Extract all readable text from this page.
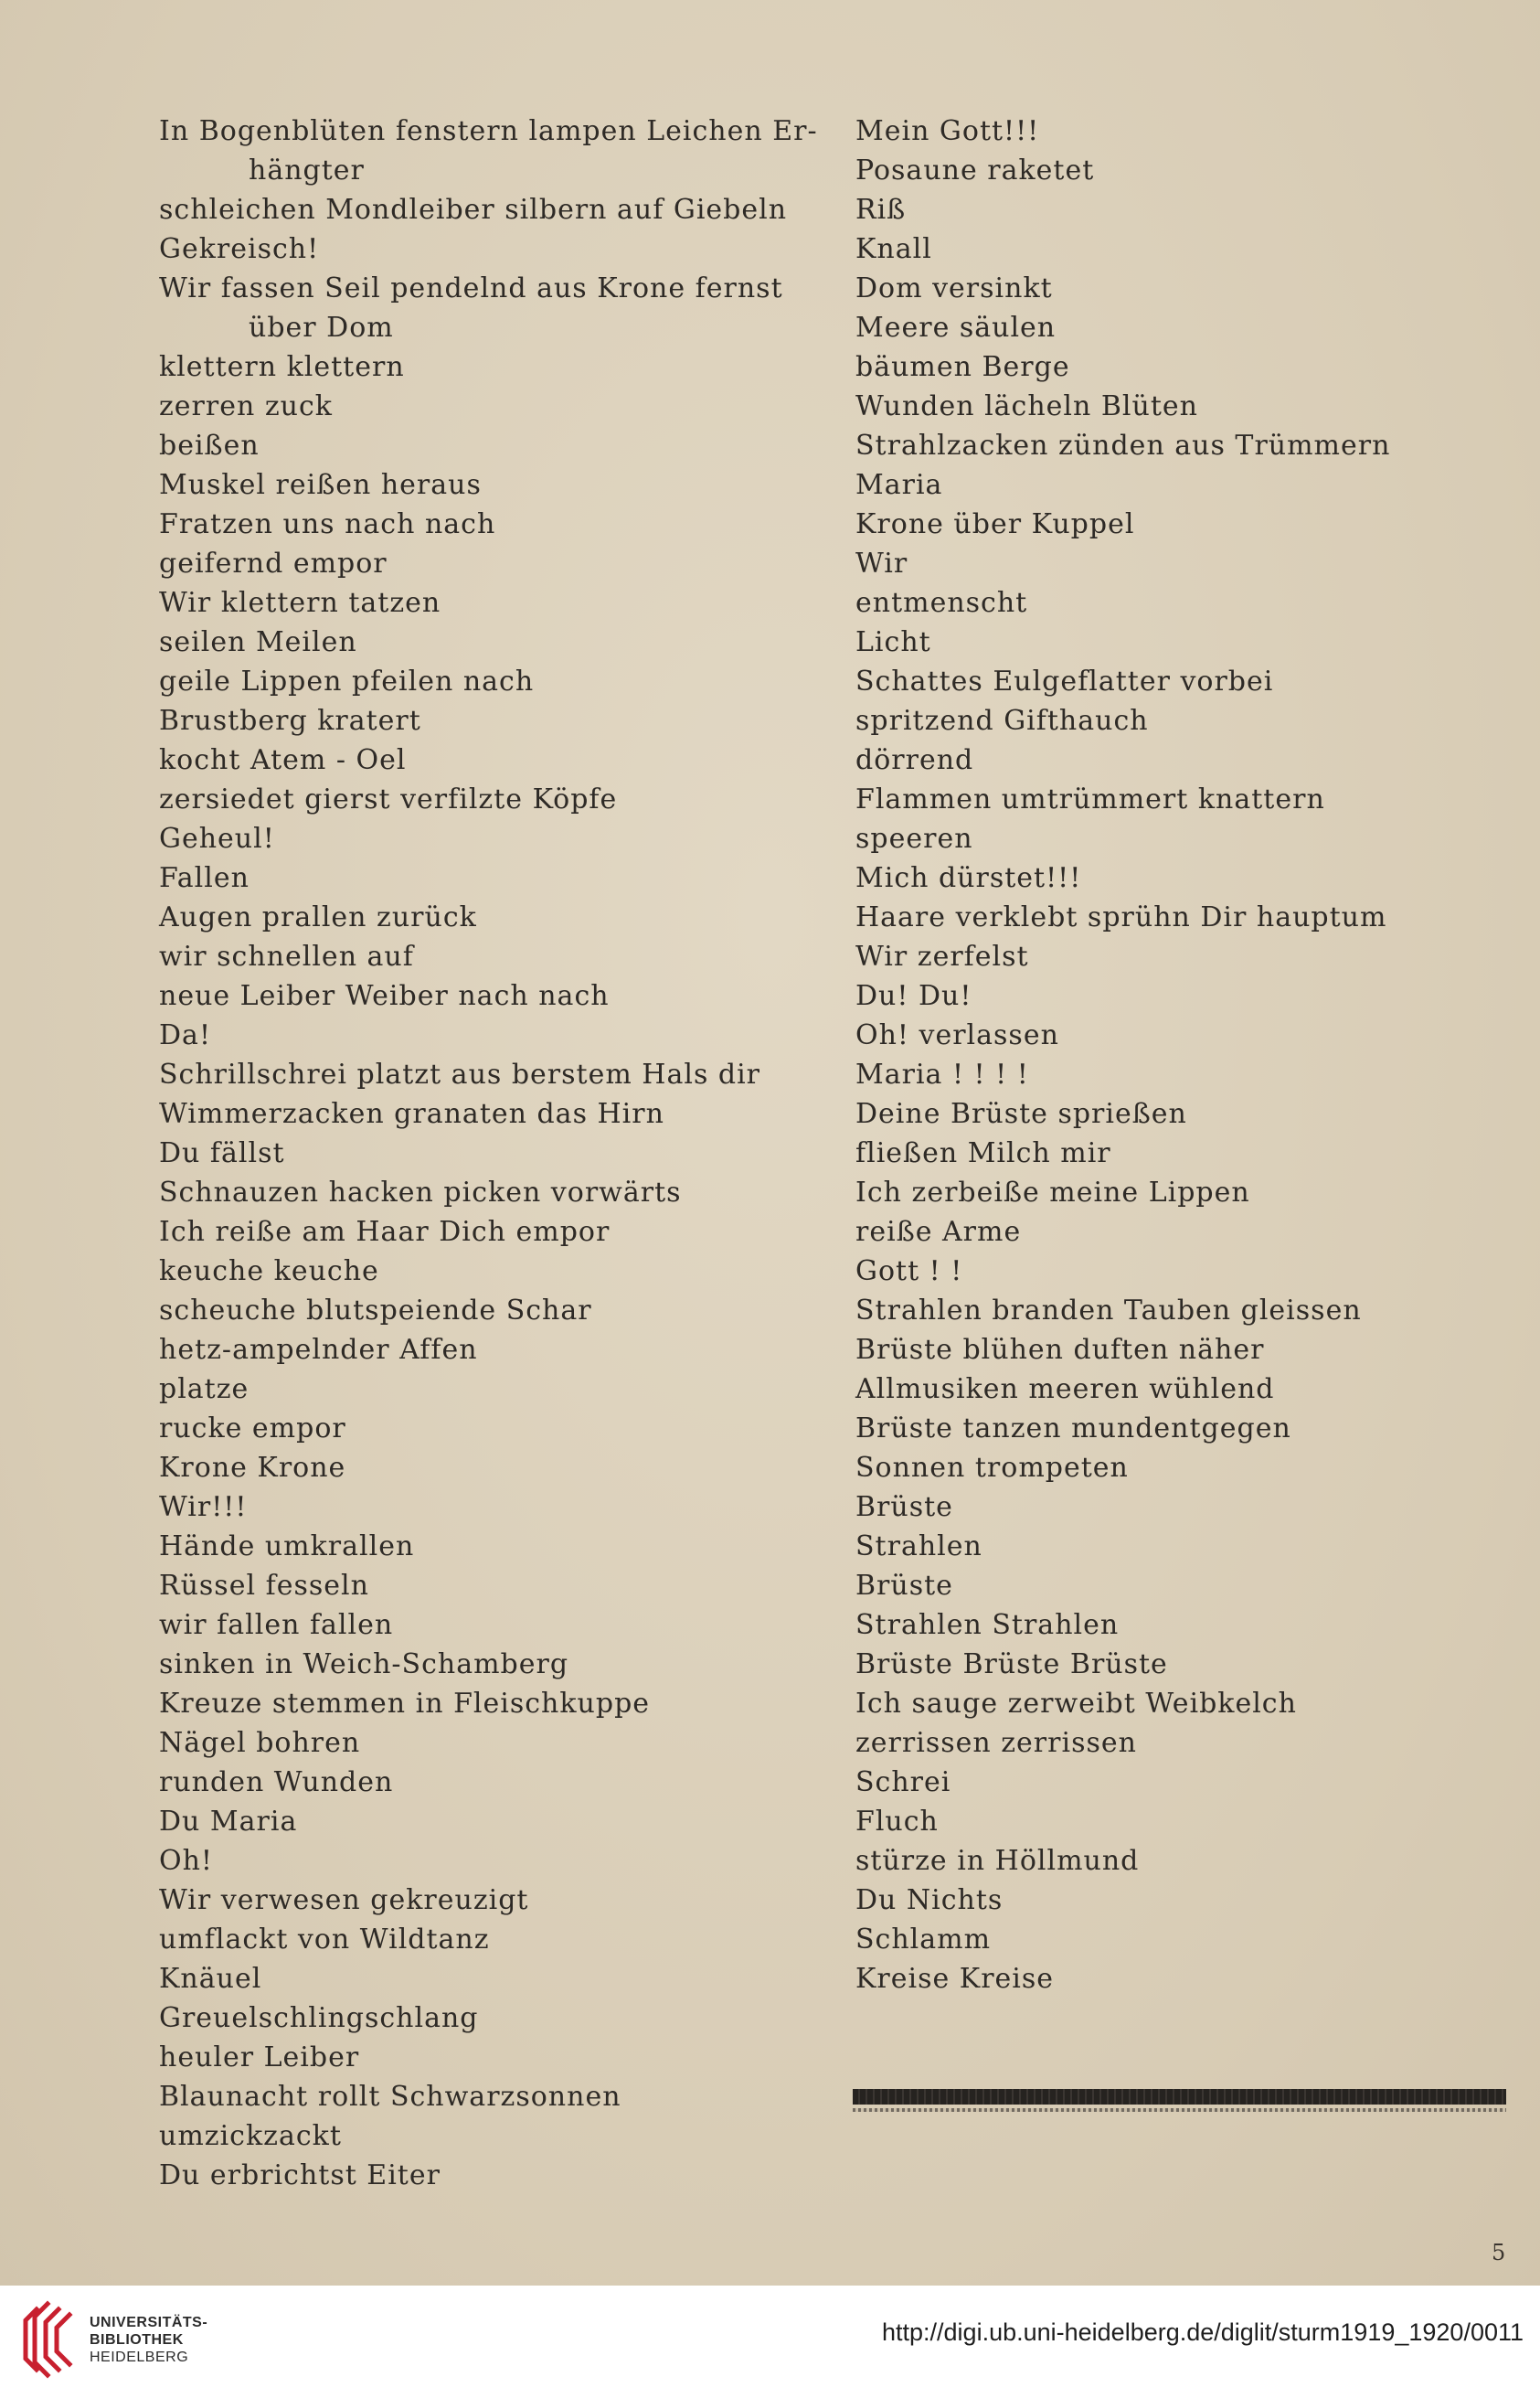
In Bogenblüten fenstern lampen Leichen Er-
hängter
schleichen Mondleiber silbern auf Giebeln
Gekreisch!
Wir fassen Seil pendelnd aus Krone fernst
über Dom
klettern klettern
zerren zuck
beißen
Muskel reißen heraus
Fratzen uns nach nach
geifernd empor
Wir klettern tatzen
seilen Meilen
geile Lippen pfeilen nach
Brustberg kratert
kocht Atem - Oel
zersiedet gierst verfilzte Köpfe
Geheul!
Fallen
Augen prallen zurück
wir schnellen auf
neue Leiber Weiber nach nach
Da!
Schrillschrei platzt aus berstem Hals dir
Wimmerzacken granaten das Hirn
Du fällst
Schnauzen hacken picken vorwärts
Ich reiße am Haar Dich empor
keuche keuche
scheuche blutspeiende Schar
hetz-ampelnder Affen
platze
rucke empor
Krone Krone
Wir!!!
Hände umkrallen
Rüssel fesseln
wir fallen fallen
sinken in Weich-Schamberg
Kreuze stemmen in Fleischkuppe
Nägel bohren
runden Wunden
Du Maria
Oh!
Wir verwesen gekreuzigt
umflackt von Wildtanz
Knäuel
Greuelschlingschlang
heuler Leiber
Blaunacht rollt Schwarzsonnen
umzickzackt
Du erbrichtst Eiter
Mein Gott!!!
Posaune raketet
Riß
Knall
Dom versinkt
Meere säulen
bäumen Berge
Wunden lächeln Blüten
Strahlzacken zünden aus Trümmern
Maria
Krone über Kuppel
Wir
entmenscht
Licht
Schattes Eulgeflatter vorbei
spritzend Gifthauch
dörrend
Flammen umtrümmert knattern
speeren
Mich dürstet!!!
Haare verklebt sprühn Dir hauptum
Wir zerfelst
Du! Du!
Oh! verlassen
Maria ! ! ! !
Deine Brüste sprießen
fließen Milch mir
Ich zerbeiße meine Lippen
reiße Arme
Gott ! !
Strahlen branden Tauben gleissen
Brüste blühen duften näher
Allmusiken meeren wühlend
Brüste tanzen mundentgegen
Sonnen trompeten
Brüste
Strahlen
Brüste
Strahlen Strahlen
Brüste Brüste Brüste
Ich sauge zerweibt Weibkelch
zerrissen zerrissen
Schrei
Fluch
stürze in Höllmund
Du Nichts
Schlamm
Kreise Kreise
5
UNIVERSITÄTS-
BIBLIOTHEK
HEIDELBERG
http://digi.ub.uni-heidelberg.de/diglit/sturm1919_1920/0011
